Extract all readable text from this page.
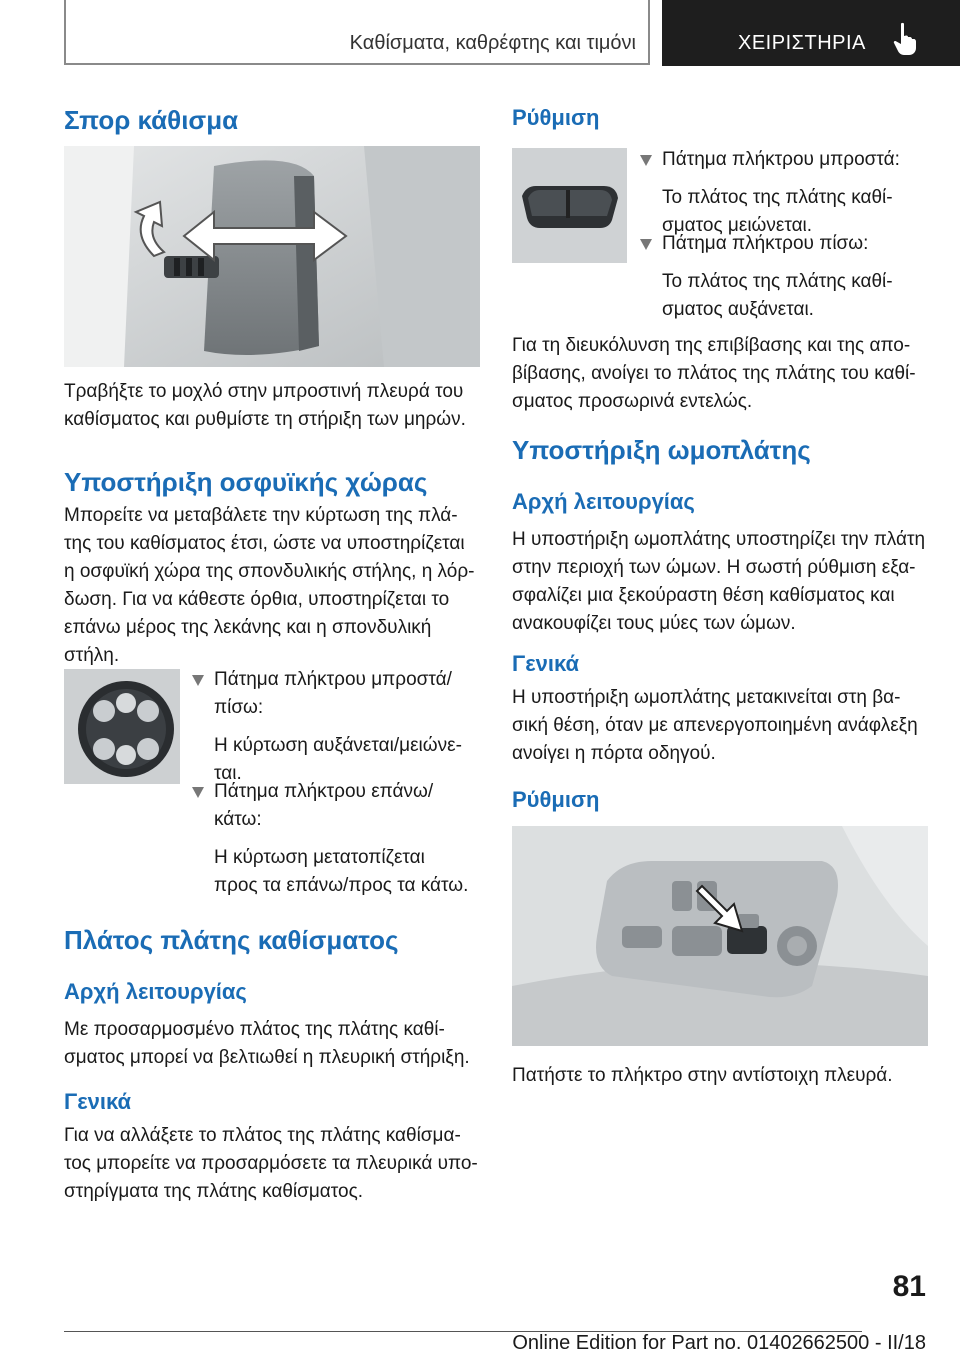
Καθίσματα, καθρέφτης και τιμόνι	ΧΕΙΡΙΣΤΗΡΙΑ
Σπορ κάθισμα
Τραβήξτε το μοχλό στην μπροστινή πλευρά του
καθίσματος και ρυθμίστε τη στήριξη των μηρών.
Υποστήριξη οσφυϊκής χώρας
Μπορείτε να μεταβάλετε την κύρτωση της πλά-
της του καθίσματος έτσι, ώστε να υποστηρίζεται
η οσφυϊκή χώρα της σπονδυλικής στήλης, η λόρ-
δωση. Για να κάθεστε όρθια, υποστηρίζεται το
επάνω μέρος της λεκάνης και η σπονδυλική
στήλη.
Πάτημα πλήκτρου μπροστά/
πίσω:
Η κύρτωση αυξάνεται/μειώνε-
ται.
Πάτημα πλήκτρου επάνω/
κάτω:
Η κύρτωση μετατοπίζεται
προς τα επάνω/προς τα κάτω.
Πλάτος πλάτης καθίσματος
Αρχή λειτουργίας
Με προσαρμοσμένο πλάτος της πλάτης καθί-
σματος μπορεί να βελτιωθεί η πλευρική στήριξη.
Γενικά
Για να αλλάξετε το πλάτος της πλάτης καθίσμα-
τος μπορείτε να προσαρμόσετε τα πλευρικά υπο-
στηρίγματα της πλάτης καθίσματος.
Ρύθμιση
Πάτημα πλήκτρου μπροστά:
Το πλάτος της πλάτης καθί-
σματος μειώνεται.
Πάτημα πλήκτρου πίσω:
Το πλάτος της πλάτης καθί-
σματος αυξάνεται.
Για τη διευκόλυνση της επιβίβασης και της απο-
βίβασης, ανοίγει το πλάτος της πλάτης του καθί-
σματος προσωρινά εντελώς.
Υποστήριξη ωμοπλάτης
Αρχή λειτουργίας
Η υποστήριξη ωμοπλάτης υποστηρίζει την πλάτη
στην περιοχή των ώμων. Η σωστή ρύθμιση εξα-
σφαλίζει μια ξεκούραστη θέση καθίσματος και
ανακουφίζει τους μύες των ώμων.
Γενικά
Η υποστήριξη ωμοπλάτης μετακινείται στη βα-
σική θέση, όταν με απενεργοποιημένη ανάφλεξη
ανοίγει η πόρτα οδηγού.
Ρύθμιση
Πατήστε το πλήκτρο στην αντίστοιχη πλευρά.
81
Online Edition for Part no. 01402662500 - II/18
